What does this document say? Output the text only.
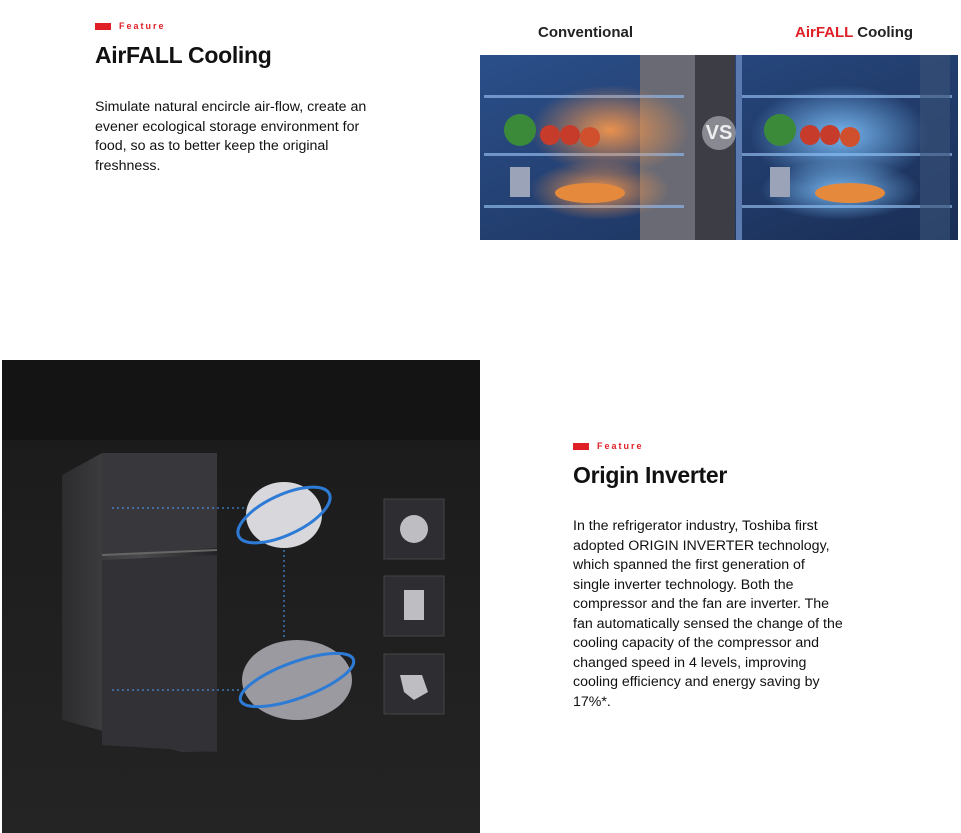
Feature
AirFALL Cooling
Simulate natural encircle air-flow, create an
evener ecological storage environment for
food, so as to better keep the original
freshness.
Conventional	AirFALL Cooling
VS
Feature
Origin Inverter
In the refrigerator industry, Toshiba first
adopted ORIGIN INVERTER technology,
which spanned the first generation of
single inverter technology. Both the
compressor and the fan are inverter. The
fan automatically sensed the change of the
cooling capacity of the compressor and
changed speed in 4 levels, improving
cooling efficiency and energy saving by
17%*.
